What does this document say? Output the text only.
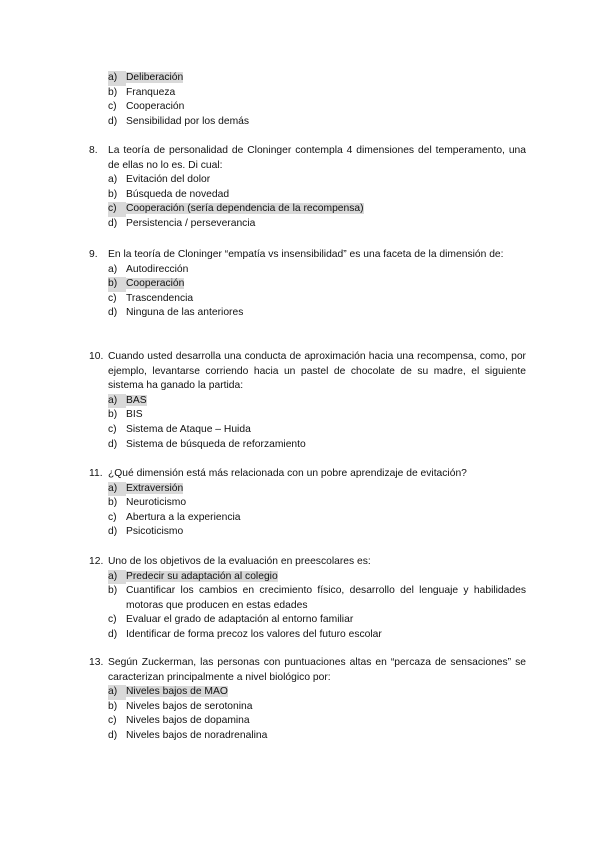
a) Deliberación
b) Franqueza
c) Cooperación
d) Sensibilidad por los demás
8.	La teoría de personalidad de Cloninger contempla 4 dimensiones del temperamento, una de ellas no lo es. Di cual:
a) Evitación del dolor
b) Búsqueda de novedad
c) Cooperación (sería dependencia de la recompensa)
d) Persistencia / perseverancia
9.	En la teoría de Cloninger “empatía vs insensibilidad” es una faceta de la dimensión de:
a) Autodirección
b) Cooperación
c) Trascendencia
d) Ninguna de las anteriores
10. Cuando usted desarrolla una conducta de aproximación hacia una recompensa, como, por ejemplo, levantarse corriendo hacia un pastel de chocolate de su madre, el siguiente sistema ha ganado la partida:
a) BAS
b) BIS
c) Sistema de Ataque – Huida
d) Sistema de búsqueda de reforzamiento
11. ¿Qué dimensión está más relacionada con un pobre aprendizaje de evitación?
a) Extraversión
b) Neuroticismo
c) Abertura a la experiencia
d) Psicoticismo
12. Uno de los objetivos de la evaluación en preescolares es:
a) Predecir su adaptación al colegio
b) Cuantificar los cambios en crecimiento físico, desarrollo del lenguaje y habilidades motoras que producen en estas edades
c) Evaluar el grado de adaptación al entorno familiar
d) Identificar de forma precoz los valores del futuro escolar
13. Según Zuckerman, las personas con puntuaciones altas en “percaza de sensaciones” se caracterizan principalmente a nivel biológico por:
a) Niveles bajos de MAO
b) Niveles bajos de serotonina
c) Niveles bajos de dopamina
d) Niveles bajos de noradrenalina
